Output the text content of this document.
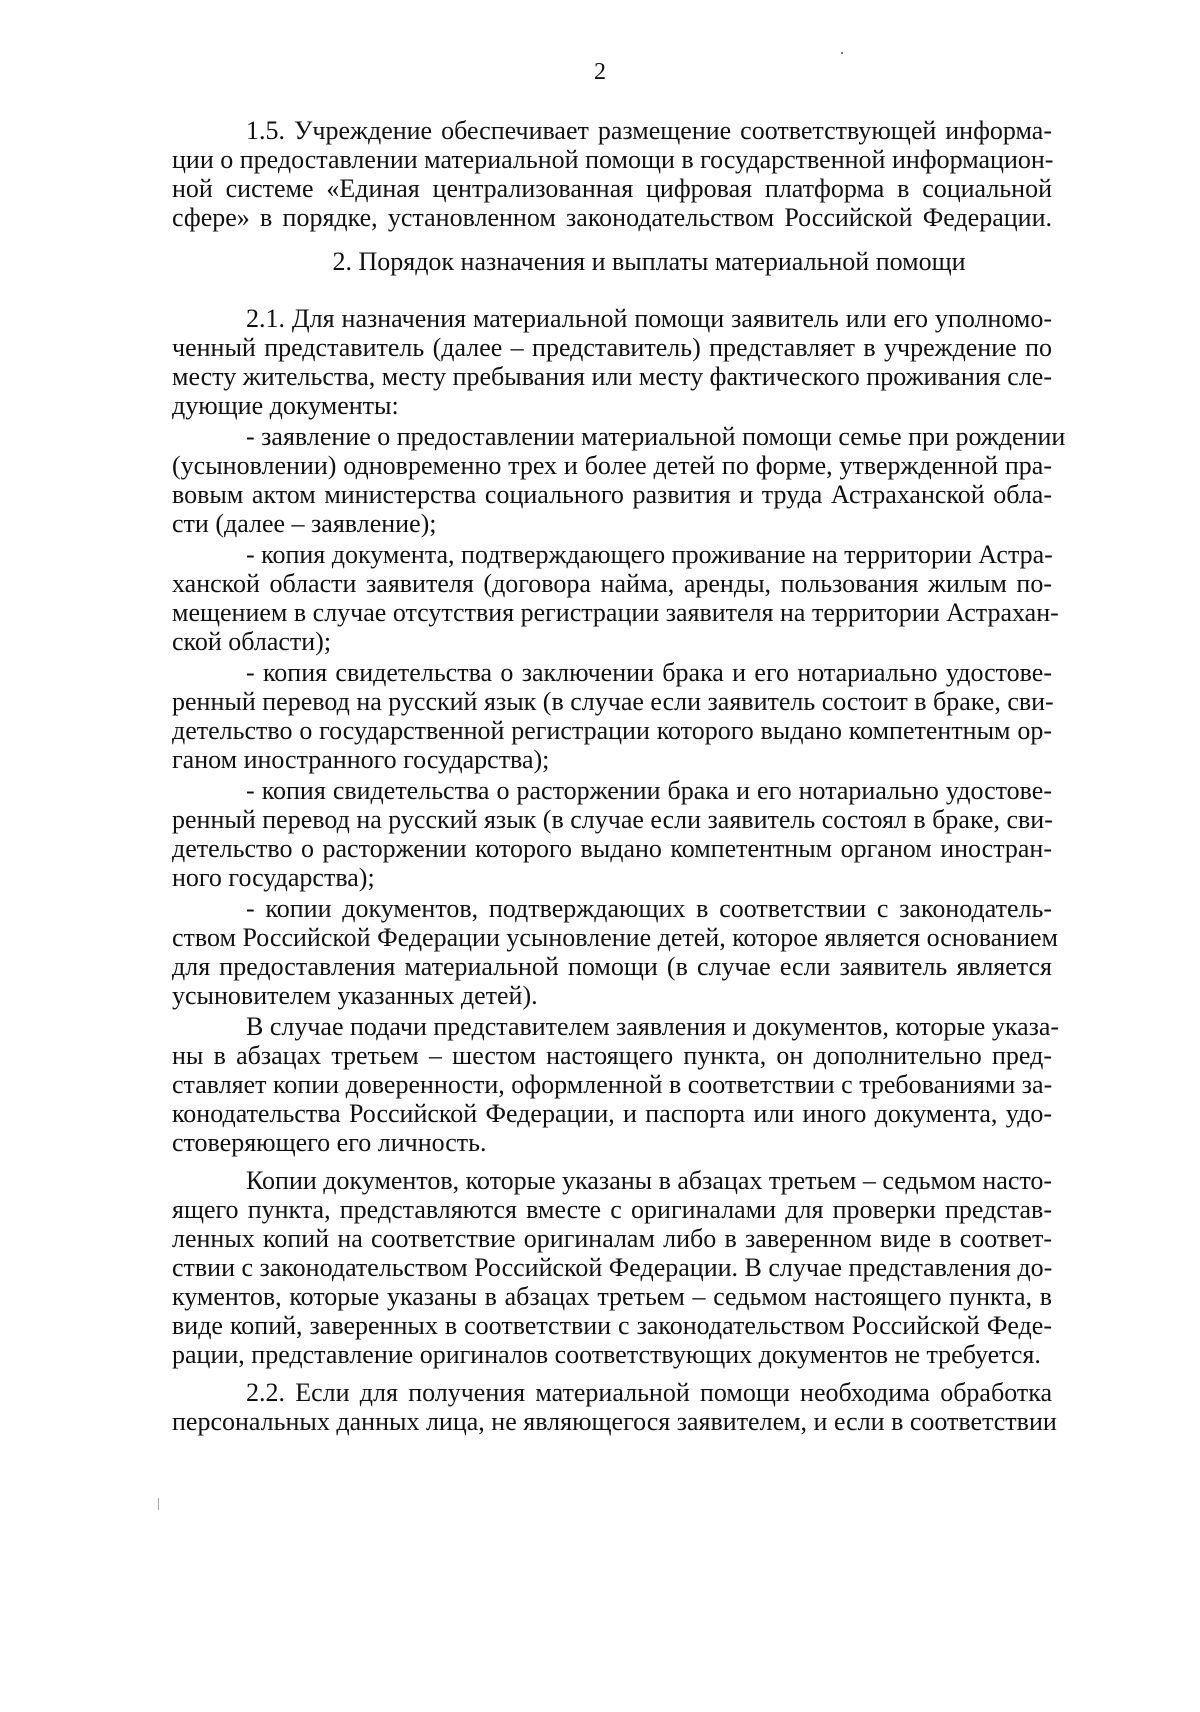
2
1.5. Учреждение обеспечивает размещение соответствующей информа-
ции о предоставлении материальной помощи в государственной информацион-
ной системе «Единая централизованная цифровая платформа в социальной
сфере» в порядке, установленном законодательством Российской Федерации.
2. Порядок назначения и выплаты материальной помощи
2.1. Для назначения материальной помощи заявитель или его уполномо-
ченный представитель (далее – представитель) представляет в учреждение по
месту жительства, месту пребывания или месту фактического проживания сле-
дующие документы:
- заявление о предоставлении материальной помощи семье при рождении
(усыновлении) одновременно трех и более детей по форме, утвержденной пра-
вовым актом министерства социального развития и труда Астраханской обла-
сти (далее – заявление);
- копия документа, подтверждающего проживание на территории Астра-
ханской области заявителя (договора найма, аренды, пользования жилым по-
мещением в случае отсутствия регистрации заявителя на территории Астрахан-
ской области);
- копия свидетельства о заключении брака и его нотариально удостове-
ренный перевод на русский язык (в случае если заявитель состоит в браке, сви-
детельство о государственной регистрации которого выдано компетентным ор-
ганом иностранного государства);
- копия свидетельства о расторжении брака и его нотариально удостове-
ренный перевод на русский язык (в случае если заявитель состоял в браке, сви-
детельство о расторжении которого выдано компетентным органом иностран-
ного государства);
- копии документов, подтверждающих в соответствии с законодатель-
ством Российской Федерации усыновление детей, которое является основанием
для предоставления материальной помощи (в случае если заявитель является
усыновителем указанных детей).
В случае подачи представителем заявления и документов, которые указа-
ны в абзацах третьем – шестом настоящего пункта, он дополнительно пред-
ставляет копии доверенности, оформленной в соответствии с требованиями за-
конодательства Российской Федерации, и паспорта или иного документа, удо-
стоверяющего его личность.
Копии документов, которые указаны в абзацах третьем – седьмом насто-
ящего пункта, представляются вместе с оригиналами для проверки представ-
ленных копий на соответствие оригиналам либо в заверенном виде в соответ-
ствии с законодательством Российской Федерации. В случае представления до-
кументов, которые указаны в абзацах третьем – седьмом настоящего пункта, в
виде копий, заверенных в соответствии с законодательством Российской Феде-
рации, представление оригиналов соответствующих документов не требуется.
2.2. Если для получения материальной помощи необходима обработка
персональных данных лица, не являющегося заявителем, и если в соответствии
